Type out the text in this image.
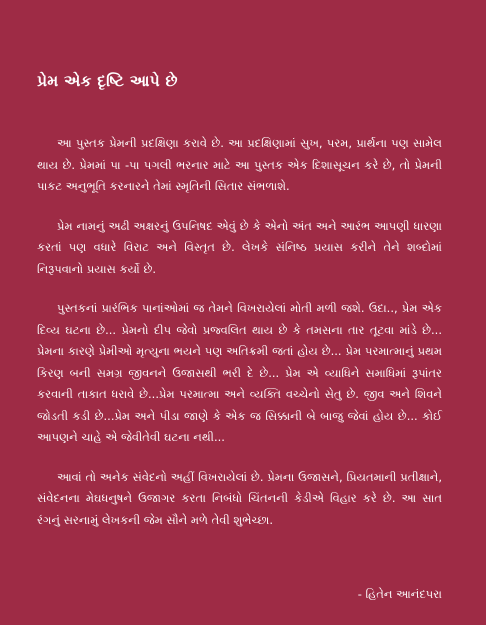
પ્રેમ એક દૃષ્ટિ આપે છે

આ પુસ્તક પ્રેમની પ્રદક્ષિણા કરાવે છે. આ પ્રદક્ષિણામાં સુખ, પરમ, પ્રાર્થના પણ સામેલ થાય છે. પ્રેમમાં પા -પા પગલી ભરનાર માટે આ પુસ્તક એક દિશાસૂચન કરે છે, તો પ્રેમની પાકટ અનુભૂતિ કરનારને તેમાં સ્મૃતિની સિતાર સંભળાશે.

પ્રેમ નામનું અઢી અક્ષરનું ઉપનિષદ એવું છે કે એનો અંત અને આરંભ આપણી ધારણા કરતાં પણ વધારે વિરાટ અને વિસ્તૃત છે. લેખકે સંનિષ્ઠ પ્રયાસ કરીને તેને શબ્દોમાં નિરૂપવાનો પ્રયાસ કર્યો છે.

પુસ્તકનાં પ્રારંભિક પાનાંઓમાં જ તેમને વિખરાયેલાં મોતી મળી જશે. ઉદા.., પ્રેમ એક દિવ્ય ઘટના છે... પ્રેમનો દીપ જેવો પ્રજ્વલિત થાય છે કે તમસના તાર તૂટવા માંડે છે... પ્રેમના કારણે પ્રેમીઓ મૃત્યુના ભયને પણ અતિક્રમી જતાં હોય છે... પ્રેમ પરમાત્માનું પ્રથમ કિરણ બની સમગ્ર જીવનને ઉજાસથી ભરી દે છે... પ્રેમ એ વ્યાધિને સમાધિમાં રૂપાંતર કરવાની તાકાત ધરાવે છે...પ્રેમ પરમાત્મા અને વ્યક્તિ વચ્ચેનો સેતુ છે. જીવ અને શિવને જોડતી કડી છે...પ્રેમ અને પીડા જાણે કે એક જ સિક્કાની બે બાજુ જેવાં હોય છે... કોઈ આપણને ચાહે એ જેવીતેવી ઘટના નથી...

આવાં તો અનેક સંવેદનો અહીં વિખરાયેલાં છે. પ્રેમના ઉજાસને, પ્રિયતમાની પ્રતીક્ષાને, સંવેદનના મેઘધનુષને ઉજાગર કરતા નિબંધો ચિંતનની કેડીએ વિહાર કરે છે. આ સાત રંગનું સરનામું લેખકની જેમ સૌને મળે તેવી શુભેચ્છા.

- હિતેન આનંદપરા
